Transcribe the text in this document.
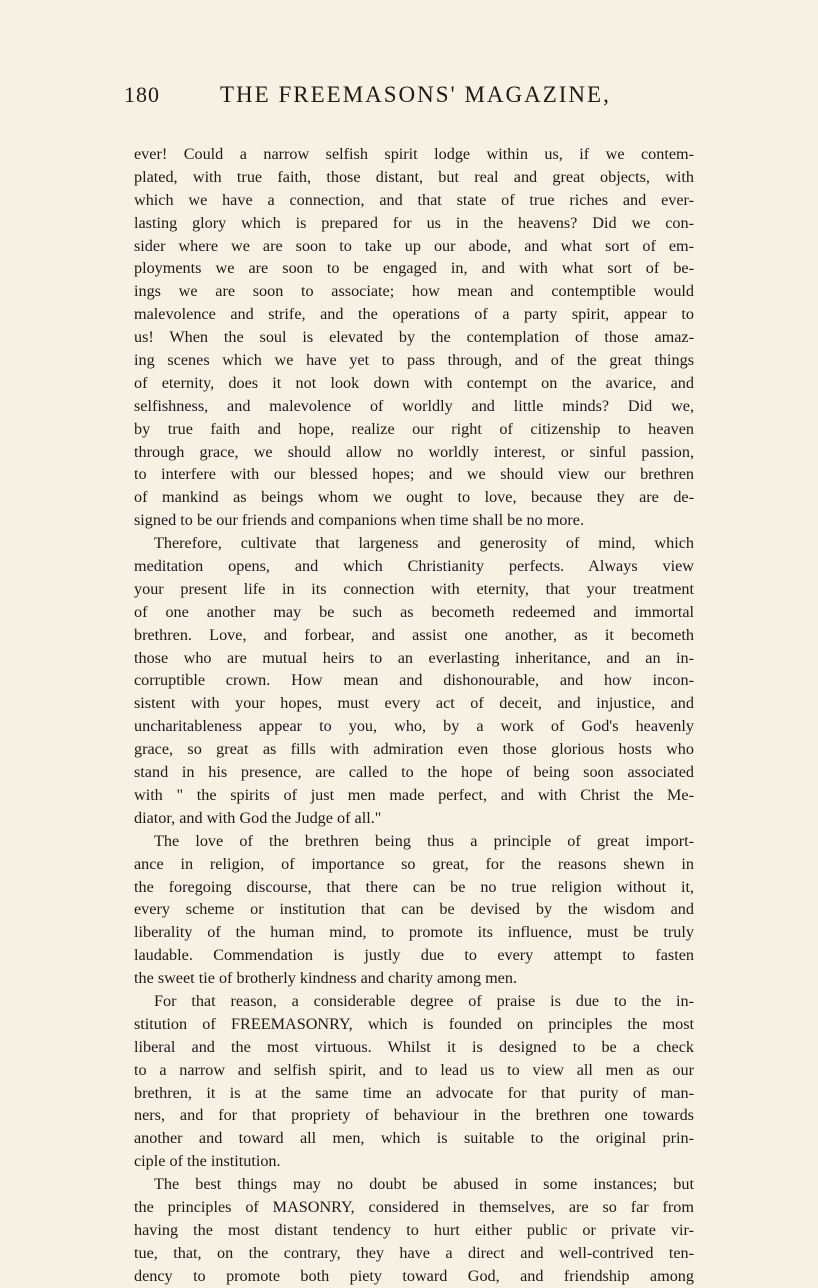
180	THE FREEMASONS' MAGAZINE,
ever! Could a narrow selfish spirit lodge within us, if we contem-
plated, with true faith, those distant, but real and great objects, with
which we have a connection, and that state of true riches and ever-
lasting glory which is prepared for us in the heavens? Did we con-
sider where we are soon to take up our abode, and what sort of em-
ployments we are soon to be engaged in, and with what sort of be-
ings we are soon to associate; how mean and contemptible would
malevolence and strife, and the operations of a party spirit, appear to
us! When the soul is elevated by the contemplation of those amaz-
ing scenes which we have yet to pass through, and of the great things
of eternity, does it not look down with contempt on the avarice, and
selfishness, and malevolence of worldly and little minds? Did we,
by true faith and hope, realize our right of citizenship to heaven
through grace, we should allow no worldly interest, or sinful passion,
to interfere with our blessed hopes; and we should view our brethren
of mankind as beings whom we ought to love, because they are de-
signed to be our friends and companions when time shall be no more.
Therefore, cultivate that largeness and generosity of mind, which
meditation opens, and which Christianity perfects. Always view
your present life in its connection with eternity, that your treatment
of one another may be such as becometh redeemed and immortal
brethren. Love, and forbear, and assist one another, as it becometh
those who are mutual heirs to an everlasting inheritance, and an in-
corruptible crown. How mean and dishonourable, and how incon-
sistent with your hopes, must every act of deceit, and injustice, and
uncharitableness appear to you, who, by a work of God's heavenly
grace, so great as fills with admiration even those glorious hosts who
stand in his presence, are called to the hope of being soon associated
with " the spirits of just men made perfect, and with Christ the Me-
diator, and with God the Judge of all."
The love of the brethren being thus a principle of great import-
ance in religion, of importance so great, for the reasons shewn in
the foregoing discourse, that there can be no true religion without it,
every scheme or institution that can be devised by the wisdom and
liberality of the human mind, to promote its influence, must be truly
laudable. Commendation is justly due to every attempt to fasten
the sweet tie of brotherly kindness and charity among men.
For that reason, a considerable degree of praise is due to the in-
stitution of FREEMASONRY, which is founded on principles the most
liberal and the most virtuous. Whilst it is designed to be a check
to a narrow and selfish spirit, and to lead us to view all men as our
brethren, it is at the same time an advocate for that purity of man-
ners, and for that propriety of behaviour in the brethren one towards
another and toward all men, which is suitable to the original prin-
ciple of the institution.
The best things may no doubt be abused in some instances; but
the principles of MASONRY, considered in themselves, are so far from
having the most distant tendency to hurt either public or private vir-
tue, that, on the contrary, they have a direct and well-contrived ten-
dency to promote both piety toward God, and friendship among
